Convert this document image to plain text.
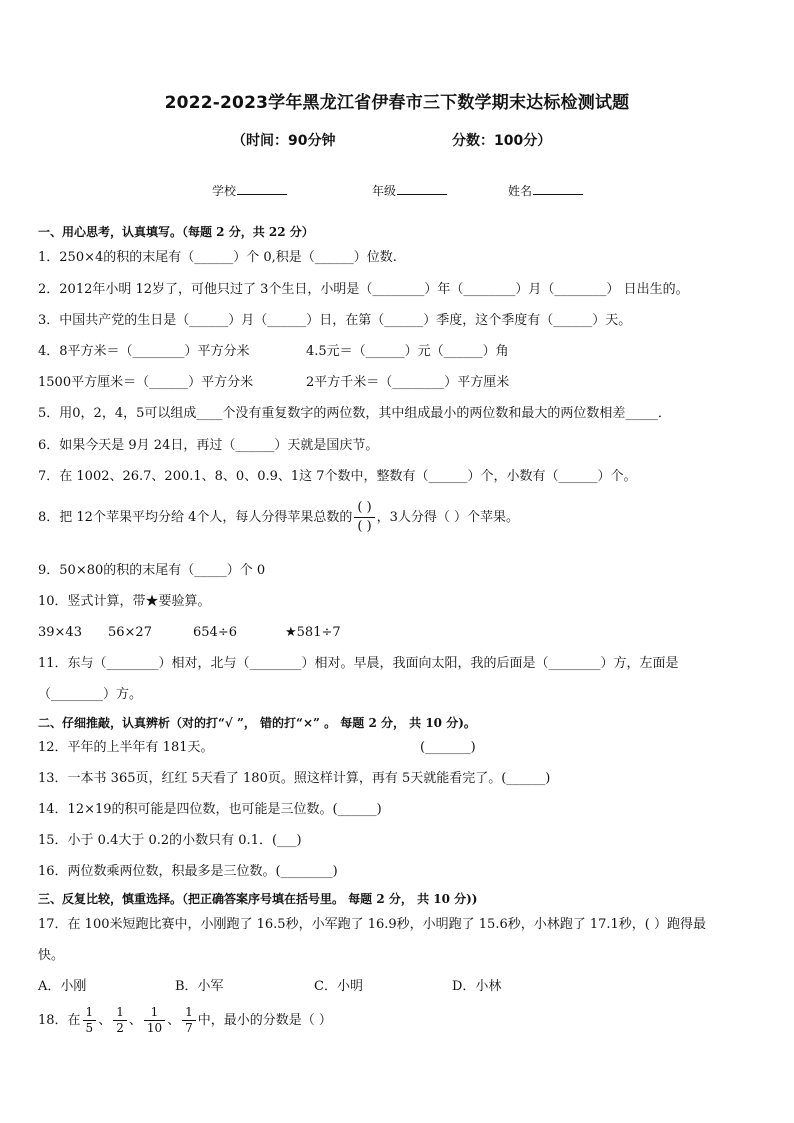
2022-2023学年黑龙江省伊春市三下数学期末达标检测试题
（时间：90分钟	分数：100分）
学校	年级	姓名
一、用心思考，认真填写。（每题 2 分，共 22 分）
1．250×4的积的末尾有（______）个 0,积是（______）位数.
2．2012年小明 12岁了，可他只过了 3个生日，小明是（________）年（________）月（________） 日出生的。
3．中国共产党的生日是（______）月（______）日，在第（______）季度，这个季度有（______）天。
4．8平方米＝（________）平方分米	4.5元＝（______）元（______）角
1500平方厘米＝（______）平方分米	2平方千米＝（________）平方厘米
5．用0，2，4，5可以组成____个没有重复数字的两位数，其中组成最小的两位数和最大的两位数相差_____．
6．如果今天是 9月 24日，再过（______）天就是国庆节。
7．在 1002、26.7、200.1、8、0、0.9、1这 7个数中，整数有（______）个，小数有（______）个。
8．把 12个苹果平均分给 4个人，每人分得苹果总数的 $\frac{( )}{( )}$ ，3人分得（ ）个苹果。
9．50×80的积的末尾有（_____）个 0
10．竖式计算，带★要验算。
39×43 56×27	654÷6	★581÷7
11．东与（________）相对，北与（________）相对。早晨，我面向太阳，我的后面是（________）方，左面是
（________）方。
二、仔细推敲，认真辨析（对的打“√ ”， 错的打“×” 。 每题 2 分， 共 10 分)。
12．平年的上半年有 181天。	(_______)
13．一本书 365页，红红 5天看了 180页。照这样计算，再有 5天就能看完了。(______)
14．12×19的积可能是四位数，也可能是三位数。(______)
15．小于 0.4大于 0.2的小数只有 0.1．(___)
16．两位数乘两位数，积最多是三位数。(________)
三、反复比较，慎重选择。（把正确答案序号填在括号里。 每题 2 分， 共 10 分))
17．在 100米短跑比赛中，小刚跑了 16.5秒，小军跑了 16.9秒，小明跑了 15.6秒，小林跑了 17.1秒，( ）跑得最
快。
A．小刚	B．小军	C．小明	D．小林
18．在 $\frac{1}{5}$ 、 $\frac{1}{2}$ 、 $\frac{1}{10}$ 、 $\frac{1}{7}$ 中，最小的分数是（ ）
